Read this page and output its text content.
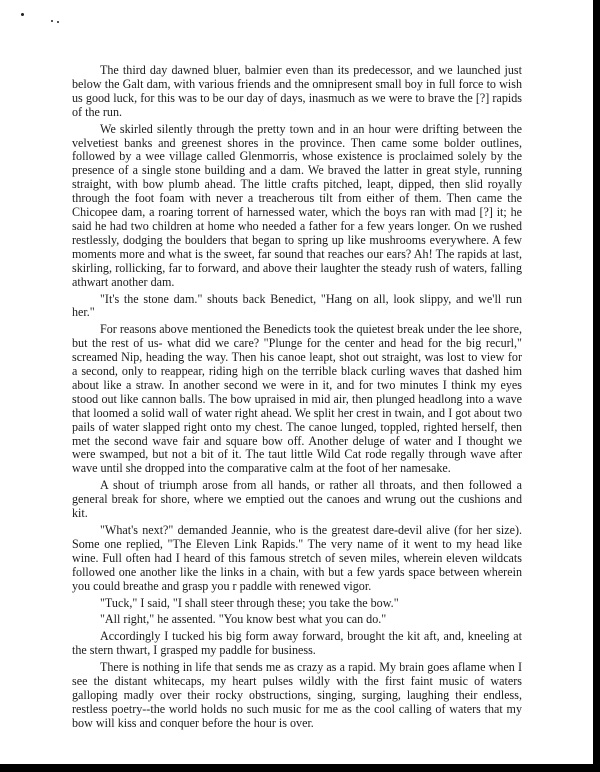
The third day dawned bluer, balmier even than its predecessor, and we launched just below the Galt dam, with various friends and the omnipresent small boy in full force to wish us good luck, for this was to be our day of days, inasmuch as we were to brave the [?] rapids of the run.

We skirled silently through the pretty town and in an hour were drifting between the velvetiest banks and greenest shores in the province. Then came some bolder outlines, followed by a wee village called Glenmorris, whose existence is proclaimed solely by the presence of a single stone building and a dam. We braved the latter in great style, running straight, with bow plumb ahead. The little crafts pitched, leapt, dipped, then slid royally through the foot foam with never a treacherous tilt from either of them. Then came the Chicopee dam, a roaring torrent of harnessed water, which the boys ran with mad [?] it; he said he had two children at home who needed a father for a few years longer. On we rushed restlessly, dodging the boulders that began to spring up like mushrooms everywhere. A few moments more and what is the sweet, far sound that reaches our ears? Ah! The rapids at last, skirling, rollicking, far to forward, and above their laughter the steady rush of waters, falling athwart another dam.

"It's the stone dam." shouts back Benedict, "Hang on all, look slippy, and we'll run her."

For reasons above mentioned the Benedicts took the quietest break under the lee shore, but the rest of us- what did we care? "Plunge for the center and head for the big recurl," screamed Nip, heading the way. Then his canoe leapt, shot out straight, was lost to view for a second, only to reappear, riding high on the terrible black curling waves that dashed him about like a straw. In another second we were in it, and for two minutes I think my eyes stood out like cannon balls. The bow upraised in mid air, then plunged headlong into a wave that loomed a solid wall of water right ahead. We split her crest in twain, and I got about two pails of water slapped right onto my chest. The canoe lunged, toppled, righted herself, then met the second wave fair and square bow off. Another deluge of water and I thought we were swamped, but not a bit of it. The taut little Wild Cat rode regally through wave after wave until she dropped into the comparative calm at the foot of her namesake.

A shout of triumph arose from all hands, or rather all throats, and then followed a general break for shore, where we emptied out the canoes and wrung out the cushions and kit.

"What's next?" demanded Jeannie, who is the greatest dare-devil alive (for her size). Some one replied, "The Eleven Link Rapids." The very name of it went to my head like wine. Full often had I heard of this famous stretch of seven miles, wherein eleven wildcats followed one another like the links in a chain, with but a few yards space between wherein you could breathe and grasp you r paddle with renewed vigor.

"Tuck," I said, "I shall steer through these; you take the bow."

"All right," he assented. "You know best what you can do."

Accordingly I tucked his big form away forward, brought the kit aft, and, kneeling at the stern thwart, I grasped my paddle for business.

There is nothing in life that sends me as crazy as a rapid. My brain goes aflame when I see the distant whitecaps, my heart pulses wildly with the first faint music of waters galloping madly over their rocky obstructions, singing, surging, laughing their endless, restless poetry--the world holds no such music for me as the cool calling of waters that my bow will kiss and conquer before the hour is over.
